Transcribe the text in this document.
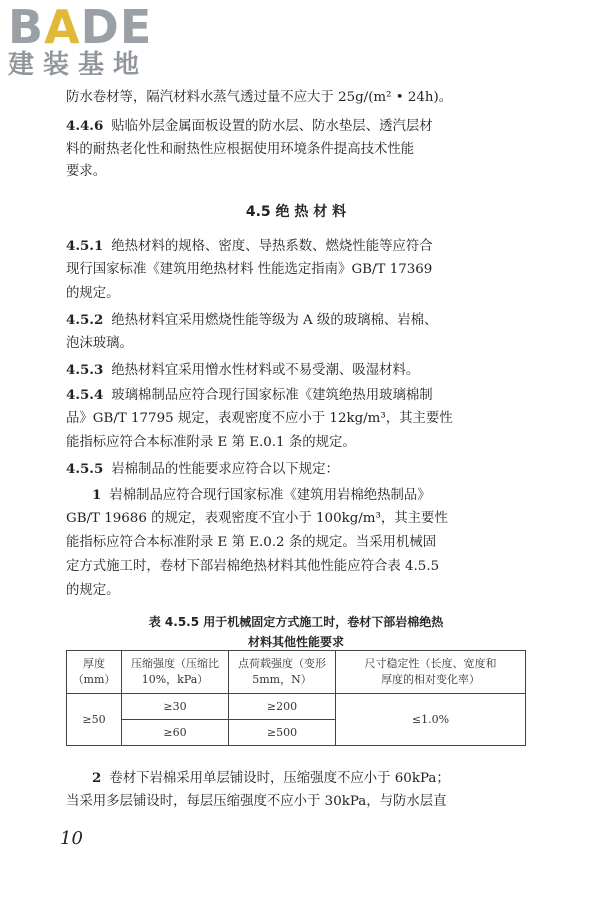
BADE
建装基地
防水卷材等，隔汽材料水蒸气透过量不应大于 25g/(m² • 24h)。
4.4.6 贴临外层金属面板设置的防水层、防水垫层、透汽层材
料的耐热老化性和耐热性应根据使用环境条件提高技术性能
要求。
4.5 绝 热 材 料
4.5.1 绝热材料的规格、密度、导热系数、燃烧性能等应符合
现行国家标准《建筑用绝热材料 性能选定指南》GB/T 17369
的规定。
4.5.2 绝热材料宜采用燃烧性能等级为 A 级的玻璃棉、岩棉、
泡沫玻璃。
4.5.3 绝热材料宜采用憎水性材料或不易受潮、吸湿材料。
4.5.4 玻璃棉制品应符合现行国家标准《建筑绝热用玻璃棉制
品》GB/T 17795 规定，表观密度不应小于 12kg/m³，其主要性
能指标应符合本标准附录 E 第 E.0.1 条的规定。
4.5.5 岩棉制品的性能要求应符合以下规定：
1 岩棉制品应符合现行国家标准《建筑用岩棉绝热制品》
GB/T 19686 的规定，表观密度不宜小于 100kg/m³，其主要性
能指标应符合本标准附录 E 第 E.0.2 条的规定。当采用机械固
定方式施工时，卷材下部岩棉绝热材料其他性能应符合表 4.5.5
的规定。
表 4.5.5 用于机械固定方式施工时，卷材下部岩棉绝热
材料其他性能要求
厚度
（mm）	压缩强度（压缩比
10%，kPa）	点荷载强度（变形
5mm，N）	尺寸稳定性（长度、宽度和
厚度的相对变化率）
≥50	≥30	≥200	≤1.0%
	≥60	≥500	
2 卷材下岩棉采用单层铺设时，压缩强度不应小于 60kPa；
当采用多层铺设时，每层压缩强度不应小于 30kPa，与防水层直
10
